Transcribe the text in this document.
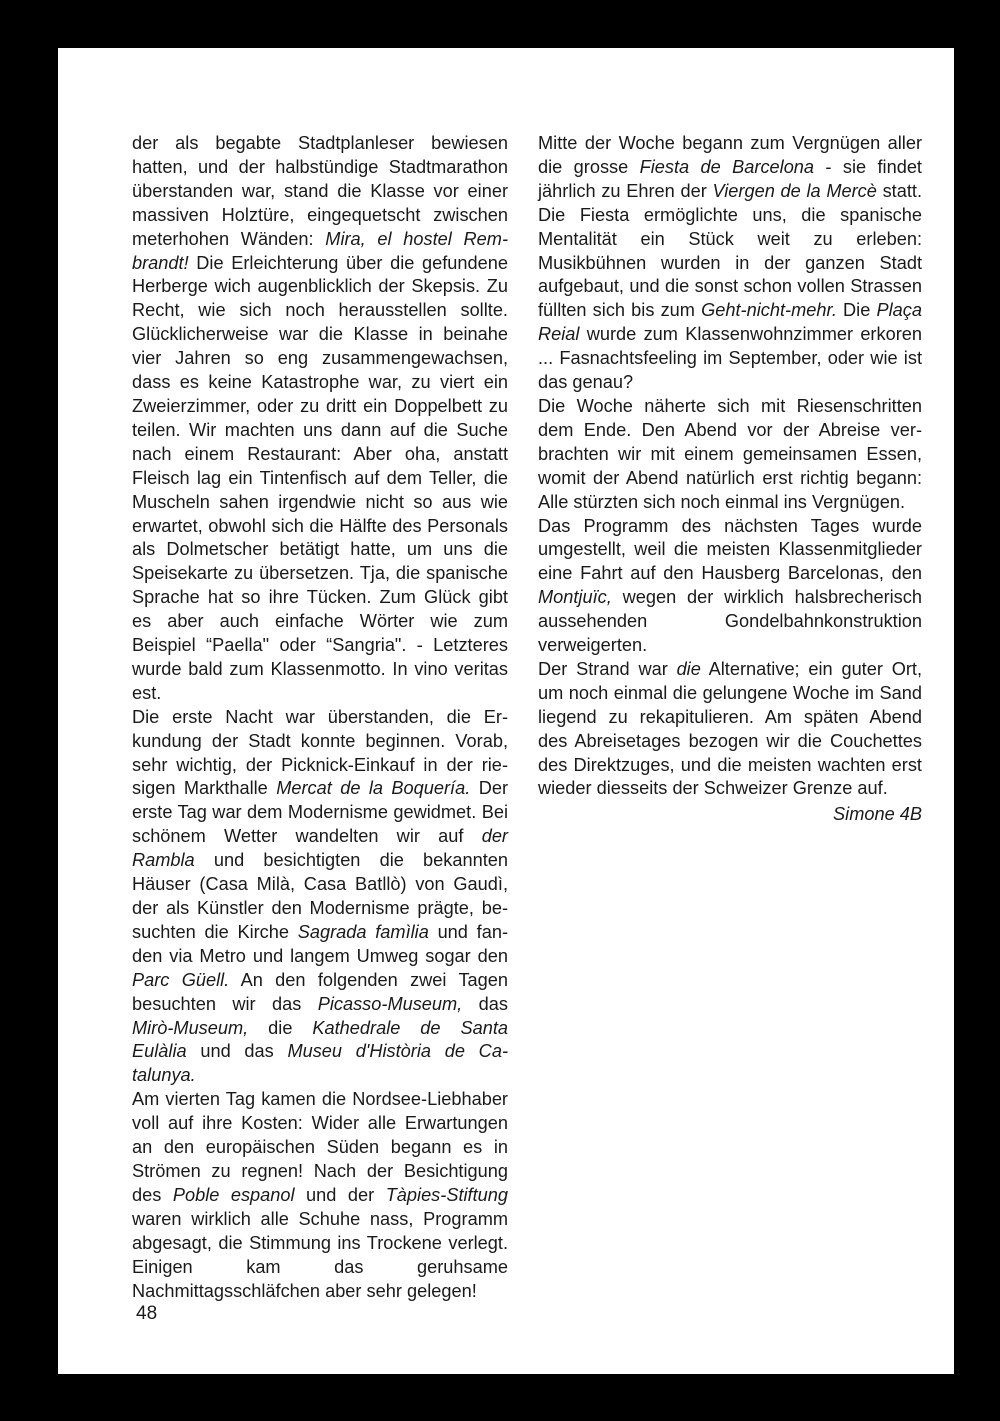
der als begabte Stadtplanleser bewiesen hatten, und der halbstündige Stadtmarathon überstanden war, stand die Klasse vor einer massiven Holztüre, eingequetscht zwischen meterhohen Wänden: Mira, el hostel Rembrandt! Die Erleichterung über die gefundene Herberge wich augenblicklich der Skepsis. Zu Recht, wie sich noch herausstellen sollte. Glücklicherweise war die Klasse in beinahe vier Jahren so eng zusammengewachsen, dass es keine Katastrophe war, zu viert ein Zweierzimmer, oder zu dritt ein Doppelbett zu teilen. Wir machten uns dann auf die Suche nach einem Restaurant: Aber oha, anstatt Fleisch lag ein Tintenfisch auf dem Teller, die Muscheln sahen irgendwie nicht so aus wie erwartet, obwohl sich die Hälfte des Personals als Dolmetscher betätigt hatte, um uns die Speisekarte zu übersetzen. Tja, die spanische Sprache hat so ihre Tücken. Zum Glück gibt es aber auch einfache Wörter wie zum Beispiel “Paella" oder “Sangria". - Letzteres wurde bald zum Klassenmotto. In vino veritas est.

Die erste Nacht war überstanden, die Erkundung der Stadt konnte beginnen. Vorab, sehr wichtig, der Picknick-Einkauf in der riesigen Markthalle Mercat de la Boquería. Der erste Tag war dem Modernisme gewidmet. Bei schönem Wetter wandelten wir auf der Rambla und besichtigten die bekannten Häuser (Casa Milà, Casa Batllò) von Gaudì, der als Künstler den Modernisme prägte, besuchten die Kirche Sagrada famìlia und fanden via Metro und langem Umweg sogar den Parc Güell. An den folgenden zwei Tagen besuchten wir das Picasso-Museum, das Mirò-Museum, die Kathedrale de Santa Eulàlia und das Museu d'Història de Catalunya.

Am vierten Tag kamen die Nordsee-Liebhaber voll auf ihre Kosten: Wider alle Erwartungen an den europäischen Süden begann es in Strömen zu regnen! Nach der Besichtigung des Poble espanol und der Tàpies-Stiftung waren wirklich alle Schuhe nass, Programm abgesagt, die Stimmung ins Trockene verlegt. Einigen kam das geruhsame Nachmittagsschläfchen aber sehr gelegen!

Mitte der Woche begann zum Vergnügen aller die grosse Fiesta de Barcelona - sie findet jährlich zu Ehren der Viergen de la Mercè statt. Die Fiesta ermöglichte uns, die spanische Mentalität ein Stück weit zu erleben: Musikbühnen wurden in der ganzen Stadt aufgebaut, und die sonst schon vollen Strassen füllten sich bis zum Geht-nicht-mehr. Die Plaça Reial wurde zum Klassenwohnzimmer erkoren ... Fasnachtsfeeling im September, oder wie ist das genau?

Die Woche näherte sich mit Riesenschritten dem Ende. Den Abend vor der Abreise verbrachten wir mit einem gemeinsamen Essen, womit der Abend natürlich erst richtig begann: Alle stürzten sich noch einmal ins Vergnügen.

Das Programm des nächsten Tages wurde umgestellt, weil die meisten Klassenmitglieder eine Fahrt auf den Hausberg Barcelonas, den Montjuïc, wegen der wirklich halsbrecherisch aussehenden Gondelbahnkonstruktion verweigerten.

Der Strand war die Alternative; ein guter Ort, um noch einmal die gelungene Woche im Sand liegend zu rekapitulieren. Am späten Abend des Abreisetages bezogen wir die Couchettes des Direktzuges, und die meisten wachten erst wieder diesseits der Schweizer Grenze auf.

Simone 4B

48
